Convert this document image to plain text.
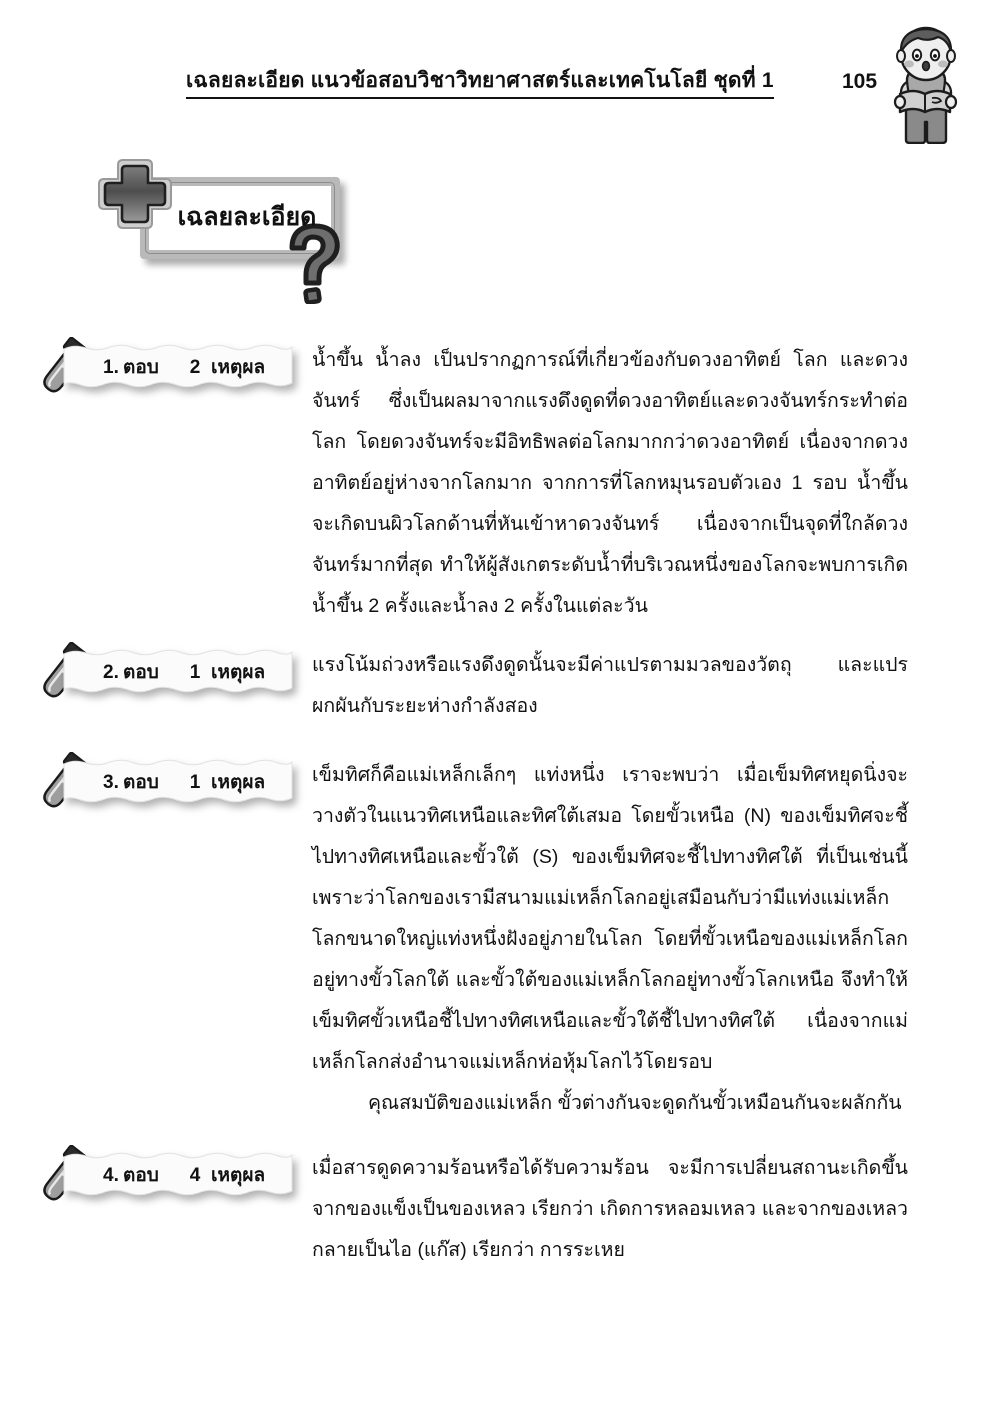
เฉลยละเอียด แนวข้อสอบวิชาวิทยาศาสตร์และเทคโนโลยี ชุดที่ 1	105
เฉลยละเอียด
1. ตอบ	2 เหตุผล	น้ำขึ้น น้ำลง เป็นปรากฏการณ์ที่เกี่ยวข้องกับดวงอาทิตย์ โลก และดวงจันทร์ ซึ่งเป็นผลมาจากแรงดึงดูดที่ดวงอาทิตย์และดวงจันทร์กระทำต่อโลก โดยดวงจันทร์จะมีอิทธิพลต่อโลกมากกว่าดวงอาทิตย์ เนื่องจากดวงอาทิตย์อยู่ห่างจากโลกมาก จากการที่โลกหมุนรอบตัวเอง 1 รอบ น้ำขึ้นจะเกิดบนผิวโลกด้านที่หันเข้าหาดวงจันทร์ เนื่องจากเป็นจุดที่ใกล้ดวงจันทร์มากที่สุด ทำให้ผู้สังเกตระดับน้ำที่บริเวณหนึ่งของโลกจะพบการเกิดน้ำขึ้น 2 ครั้งและน้ำลง 2 ครั้งในแต่ละวัน

2. ตอบ	1 เหตุผล	แรงโน้มถ่วงหรือแรงดึงดูดนั้นจะมีค่าแปรตามมวลของวัตถุ และแปรผกผันกับระยะห่างกำลังสอง

3. ตอบ	1 เหตุผล	เข็มทิศก็คือแม่เหล็กเล็กๆ แท่งหนึ่ง เราจะพบว่า เมื่อเข็มทิศหยุดนิ่งจะวางตัวในแนวทิศเหนือและทิศใต้เสมอ โดยขั้วเหนือ (N) ของเข็มทิศจะชี้ไปทางทิศเหนือและขั้วใต้ (S) ของเข็มทิศจะชี้ไปทางทิศใต้ ที่เป็นเช่นนี้เพราะว่าโลกของเรามีสนามแม่เหล็กโลกอยู่เสมือนกับว่ามีแท่งแม่เหล็กโลกขนาดใหญ่แท่งหนึ่งฝังอยู่ภายในโลก โดยที่ขั้วเหนือของแม่เหล็กโลกอยู่ทางขั้วโลกใต้ และขั้วใต้ของแม่เหล็กโลกอยู่ทางขั้วโลกเหนือ จึงทำให้เข็มทิศขั้วเหนือชี้ไปทางทิศเหนือและขั้วใต้ชี้ไปทางทิศใต้ เนื่องจากแม่เหล็กโลกส่งอำนาจแม่เหล็กห่อหุ้มโลกไว้โดยรอบ

คุณสมบัติของแม่เหล็ก ขั้วต่างกันจะดูดกันขั้วเหมือนกันจะผลักกัน

4. ตอบ	4 เหตุผล	เมื่อสารดูดความร้อนหรือได้รับความร้อน จะมีการเปลี่ยนสถานะเกิดขึ้นจากของแข็งเป็นของเหลว เรียกว่า เกิดการหลอมเหลว และจากของเหลวกลายเป็นไอ (แก๊ส) เรียกว่า การระเหย
